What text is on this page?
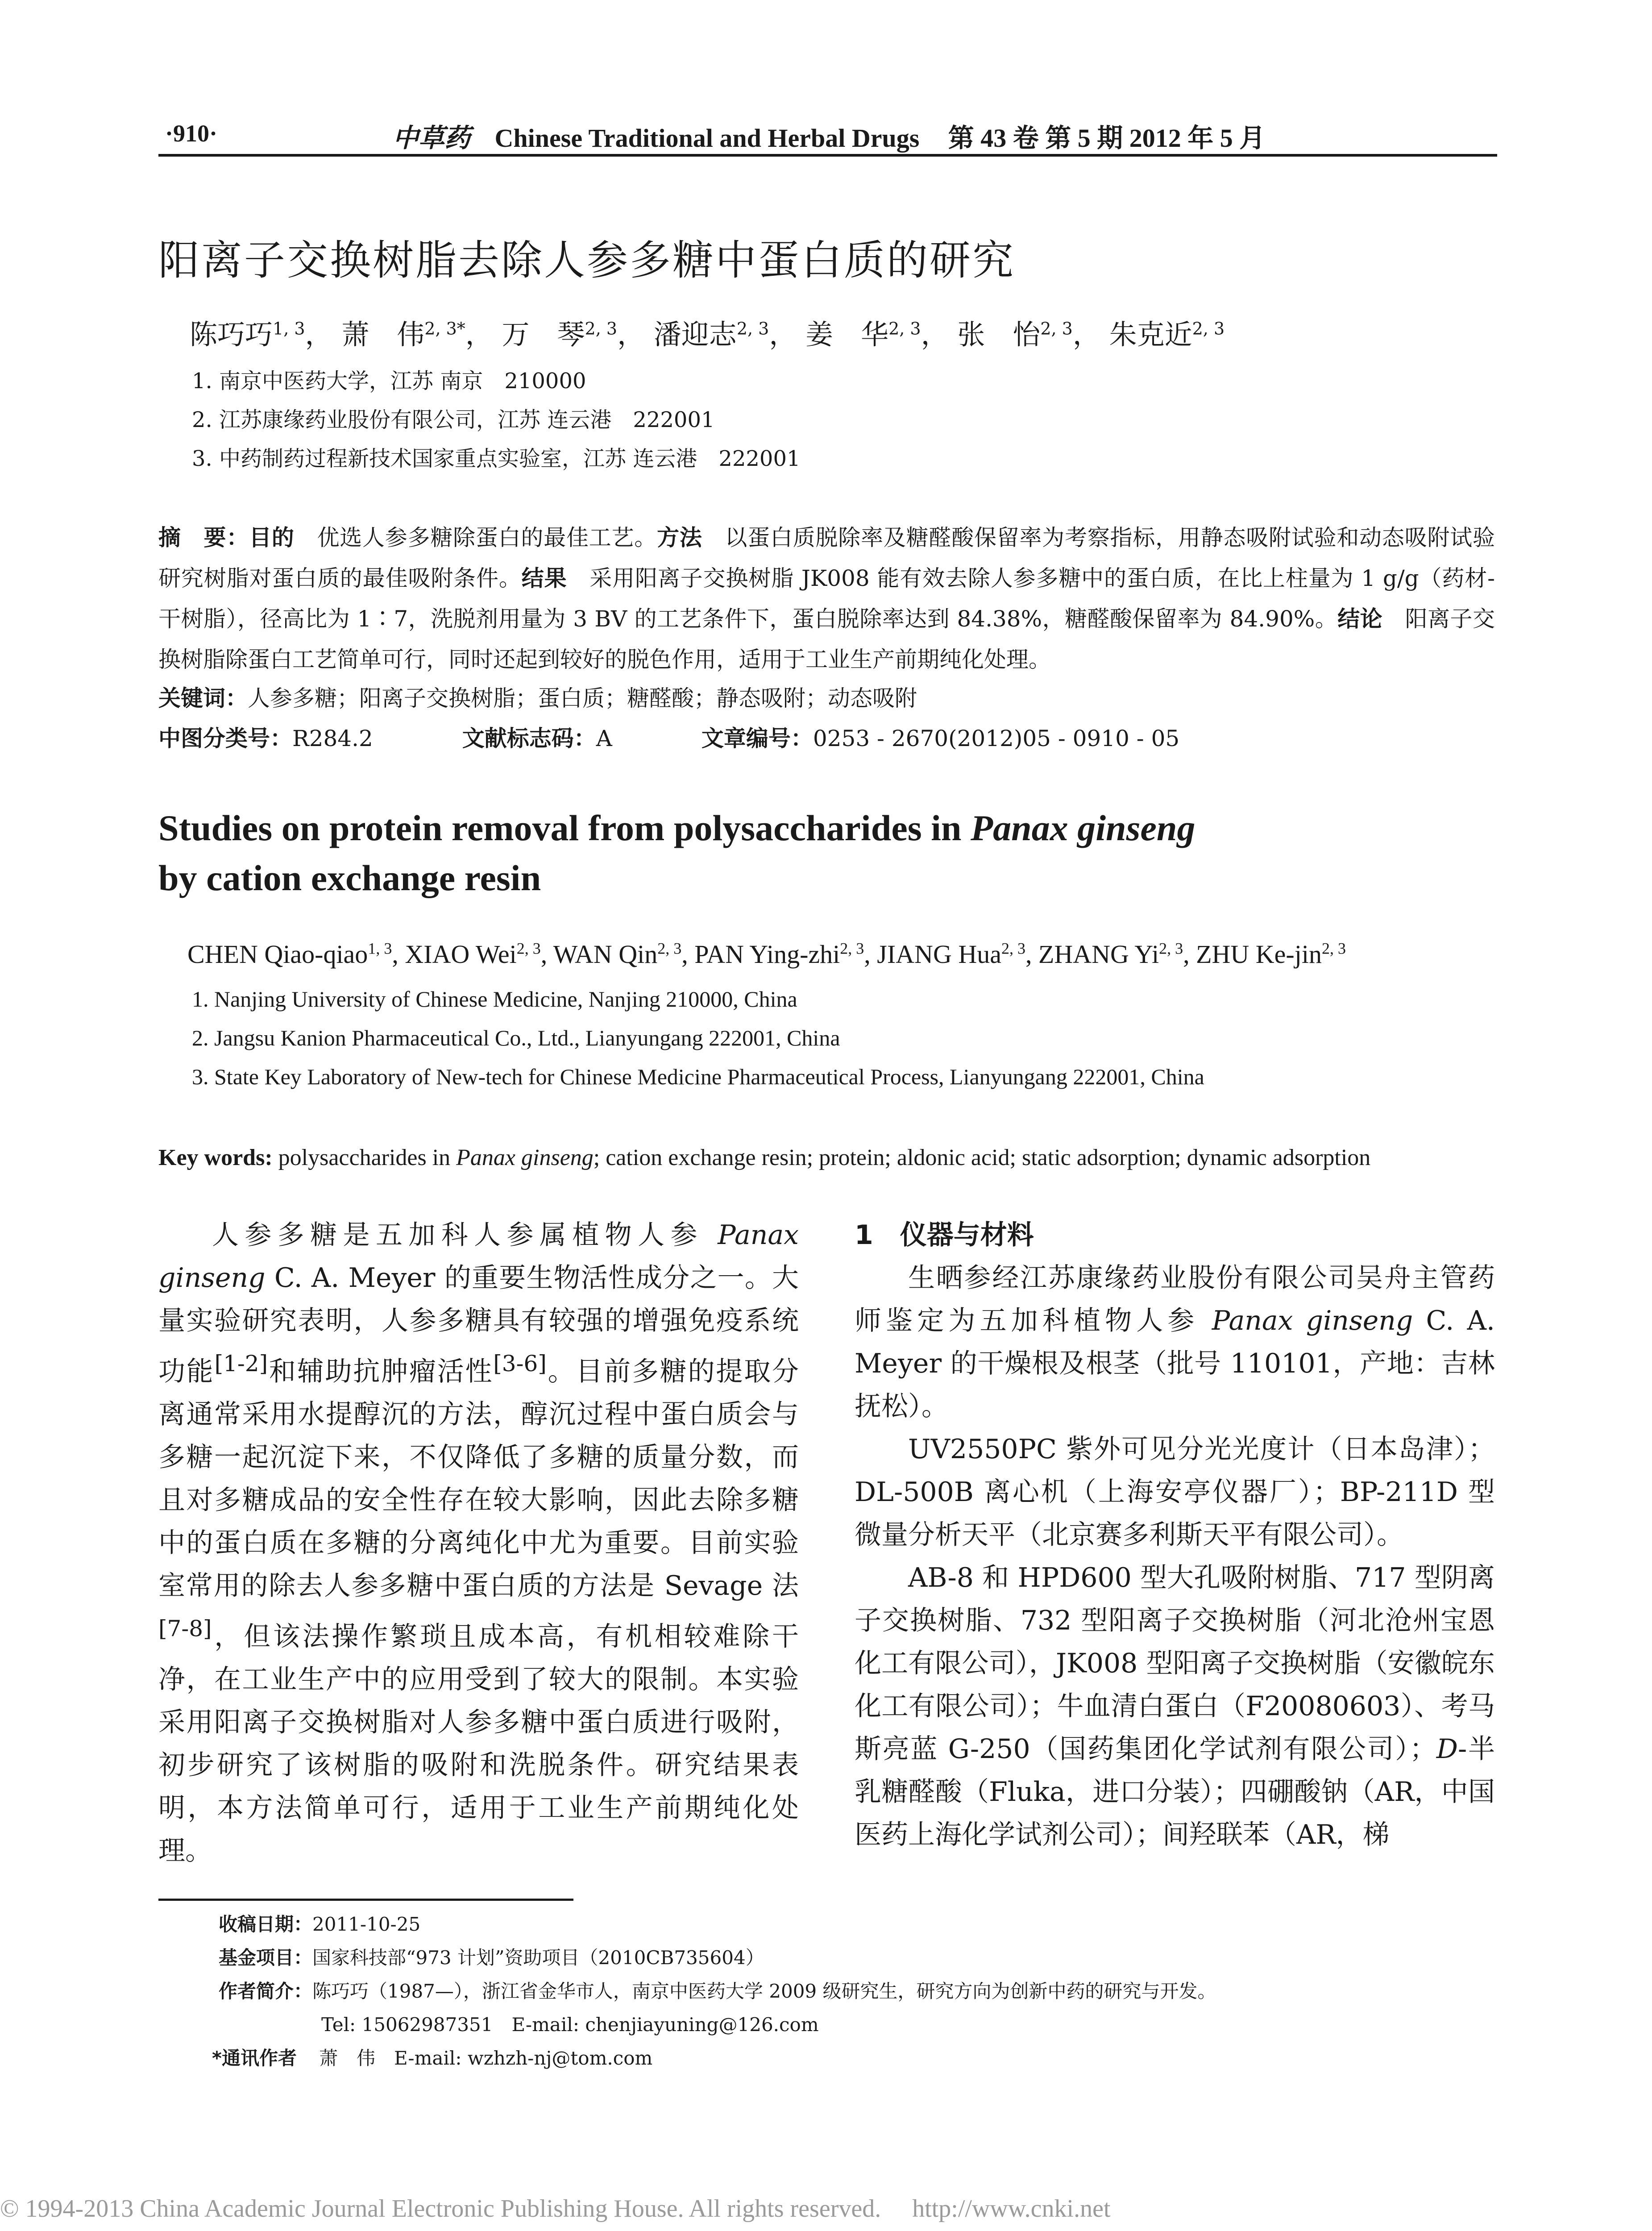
·910·	中草药 Chinese Traditional and Herbal Drugs 第 43 卷 第 5 期 2012 年 5 月
阳离子交换树脂去除人参多糖中蛋白质的研究
陈巧巧$^{1, 3}$， 萧　伟$^{2, 3*}$， 万　琴$^{2, 3}$， 潘迎志$^{2, 3}$， 姜　华$^{2, 3}$， 张　怡$^{2, 3}$， 朱克近$^{2, 3}$
1. 南京中医药大学，江苏 南京　210000
2. 江苏康缘药业股份有限公司，江苏 连云港　222001
3. 中药制药过程新技术国家重点实验室，江苏 连云港　222001
摘　要：目的　优选人参多糖除蛋白的最佳工艺。方法　以蛋白质脱除率及糖醛酸保留率为考察指标，用静态吸附试验和动态吸附试验研究树脂对蛋白质的最佳吸附条件。结果　采用阳离子交换树脂 JK008 能有效去除人参多糖中的蛋白质，在比上柱量为 1 g/g（药材-干树脂），径高比为 1∶7，洗脱剂用量为 3 BV 的工艺条件下，蛋白脱除率达到 84.38%，糖醛酸保留率为 84.90%。结论　阳离子交换树脂除蛋白工艺简单可行，同时还起到较好的脱色作用，适用于工业生产前期纯化处理。
关键词：人参多糖；阳离子交换树脂；蛋白质；糖醛酸；静态吸附；动态吸附
中图分类号：R284.2	文献标志码：A	文章编号：0253 - 2670(2012)05 - 0910 - 05
Studies on protein removal from polysaccharides in Panax ginseng
by cation exchange resin
CHEN Qiao-qiao$^{1, 3}$, XIAO Wei$^{2, 3}$, WAN Qin$^{2, 3}$, PAN Ying-zhi$^{2, 3}$, JIANG Hua$^{2, 3}$, ZHANG Yi$^{2, 3}$, ZHU Ke-jin$^{2, 3}$
1. Nanjing University of Chinese Medicine, Nanjing 210000, China
2. Jangsu Kanion Pharmaceutical Co., Ltd., Lianyungang 222001, China
3. State Key Laboratory of New-tech for Chinese Medicine Pharmaceutical Process, Lianyungang 222001, China
Key words: polysaccharides in Panax ginseng; cation exchange resin; protein; aldonic acid; static adsorption; dynamic adsorption

人参多糖是五加科人参属植物人参 Panax ginseng C. A. Meyer 的重要生物活性成分之一。大量实验研究表明，人参多糖具有较强的增强免疫系统功能[1-2]和辅助抗肿瘤活性[3-6]。目前多糖的提取分离通常采用水提醇沉的方法，醇沉过程中蛋白质会与多糖一起沉淀下来，不仅降低了多糖的质量分数，而且对多糖成品的安全性存在较大影响，因此去除多糖中的蛋白质在多糖的分离纯化中尤为重要。目前实验室常用的除去人参多糖中蛋白质的方法是 Sevage 法[7-8]，但该法操作繁琐且成本高，有机相较难除干净，在工业生产中的应用受到了较大的限制。本实验采用阳离子交换树脂对人参多糖中蛋白质进行吸附，初步研究了该树脂的吸附和洗脱条件。研究结果表明，本方法简单可行，适用于工业生产前期纯化处理。

1　仪器与材料

生晒参经江苏康缘药业股份有限公司吴舟主管药师鉴定为五加科植物人参 Panax ginseng C. A. Meyer 的干燥根及根茎（批号 110101，产地：吉林抚松）。

UV2550PC 紫外可见分光光度计（日本岛津）；DL-500B 离心机（上海安亭仪器厂）；BP-211D 型微量分析天平（北京赛多利斯天平有限公司）。

AB-8 和 HPD600 型大孔吸附树脂、717 型阴离子交换树脂、732 型阳离子交换树脂（河北沧州宝恩化工有限公司），JK008 型阳离子交换树脂（安徽皖东化工有限公司）；牛血清白蛋白（F20080603）、考马斯亮蓝 G-250（国药集团化学试剂有限公司）；D-半乳糖醛酸（Fluka，进口分装）；四硼酸钠（AR，中国医药上海化学试剂公司）；间羟联苯（AR，梯

收稿日期：2011-10-25
基金项目：国家科技部“973 计划”资助项目（2010CB735604）
作者简介：陈巧巧（1987—），浙江省金华市人，南京中医药大学 2009 级研究生，研究方向为创新中药的研究与开发。
Tel: 15062987351　E-mail: chenjiayuning@126.com
*通讯作者 萧　伟　E-mail: wzhzh-nj@tom.com
© 1994-2013 China Academic Journal Electronic Publishing House. All rights reserved.　 http://www.cnki.net
